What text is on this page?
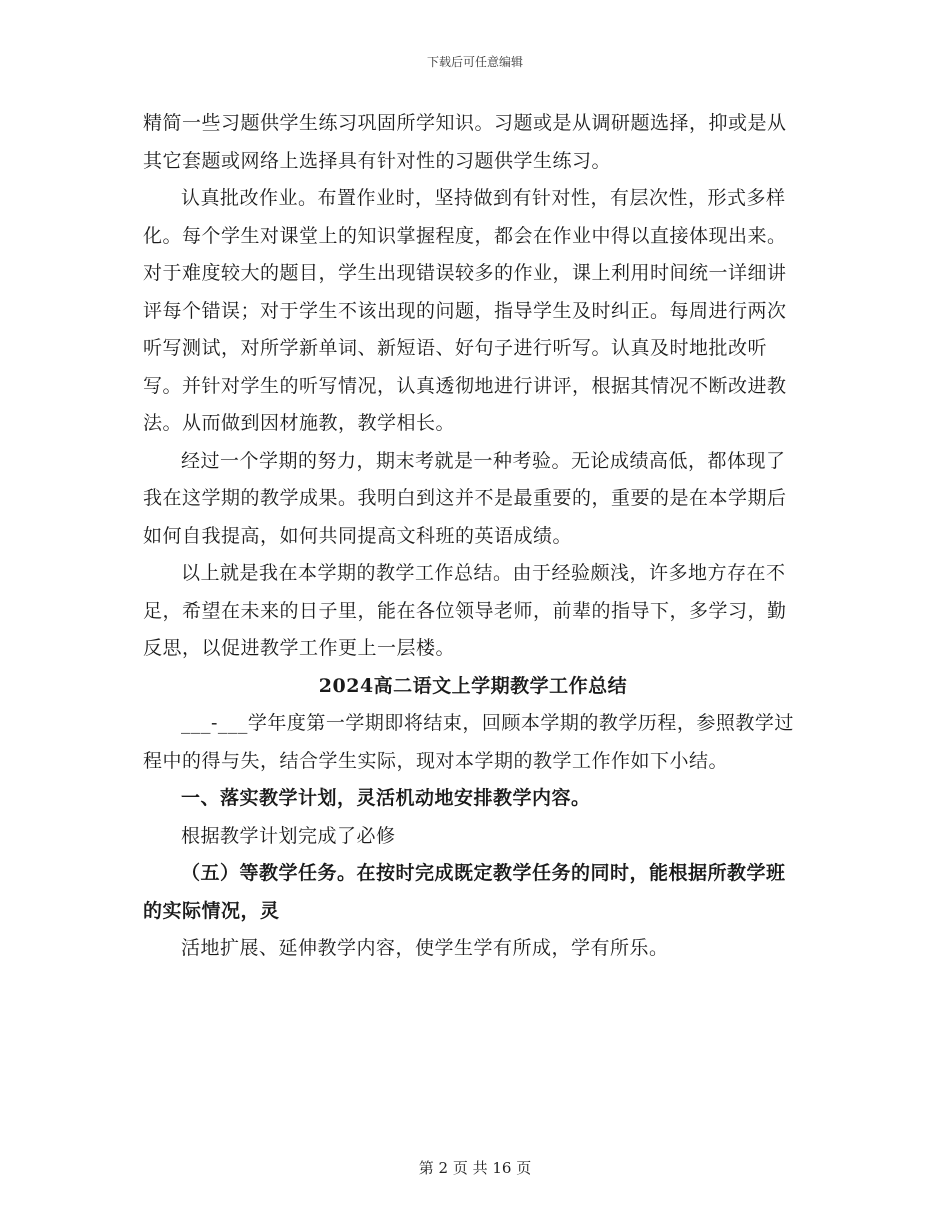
下载后可任意编辑

精简一些习题供学生练习巩固所学知识。习题或是从调研题选择，抑或是从其它套题或网络上选择具有针对性的习题供学生练习。

认真批改作业。布置作业时，坚持做到有针对性，有层次性，形式多样化。每个学生对课堂上的知识掌握程度，都会在作业中得以直接体现出来。对于难度较大的题目，学生出现错误较多的作业，课上利用时间统一详细讲评每个错误；对于学生不该出现的问题，指导学生及时纠正。每周进行两次听写测试，对所学新单词、新短语、好句子进行听写。认真及时地批改听写。并针对学生的听写情况，认真透彻地进行讲评，根据其情况不断改进教法。从而做到因材施教，教学相长。

经过一个学期的努力，期末考就是一种考验。无论成绩高低，都体现了我在这学期的教学成果。我明白到这并不是最重要的，重要的是在本学期后如何自我提高，如何共同提高文科班的英语成绩。

以上就是我在本学期的教学工作总结。由于经验颇浅，许多地方存在不足，希望在未来的日子里，能在各位领导老师，前辈的指导下，多学习，勤反思，以促进教学工作更上一层楼。

2024高二语文上学期教学工作总结

___-___学年度第一学期即将结束，回顾本学期的教学历程，参照教学过程中的得与失，结合学生实际，现对本学期的教学工作作如下小结。

一、落实教学计划，灵活机动地安排教学内容。

根据教学计划完成了必修

（五）等教学任务。在按时完成既定教学任务的同时，能根据所教学班的实际情况，灵

活地扩展、延伸教学内容，使学生学有所成，学有所乐。

第 2 页 共 16 页
